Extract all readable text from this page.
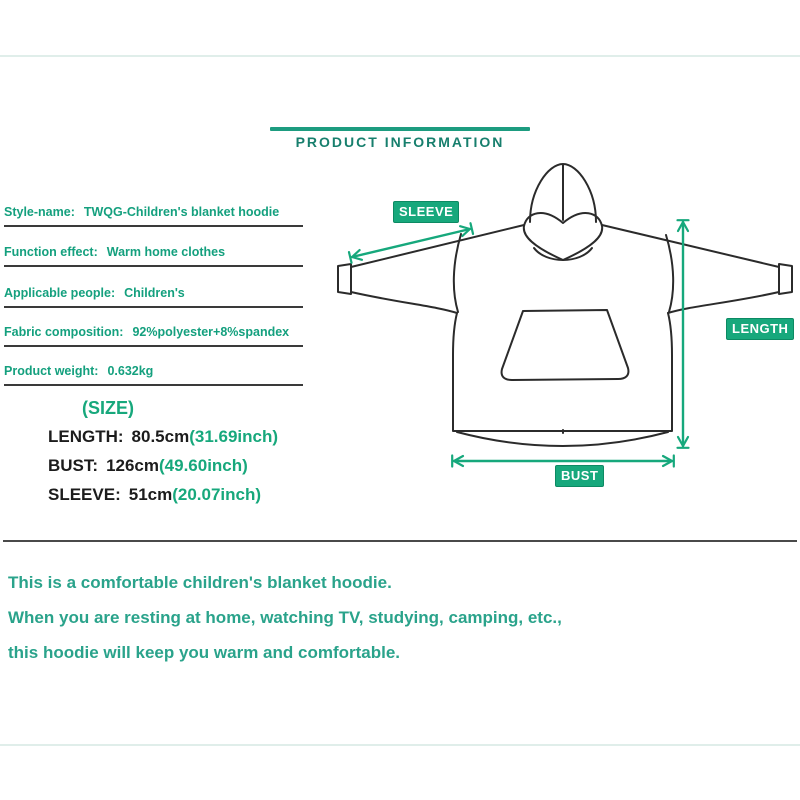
PRODUCT INFORMATION
Style-name: TWQG-Children's blanket hoodie
Function effect: Warm home clothes
Applicable people: Children's
Fabric composition: 92%polyester+8%spandex
Product weight: 0.632kg
SLEEVE
LENGTH
BUST
(SIZE)
LENGTH: 80.5cm(31.69inch)
BUST: 126cm(49.60inch)
SLEEVE: 51cm(20.07inch)
This is a comfortable children's blanket hoodie.
When you are resting at home, watching TV, studying, camping, etc.,
this hoodie will keep you warm and comfortable.
